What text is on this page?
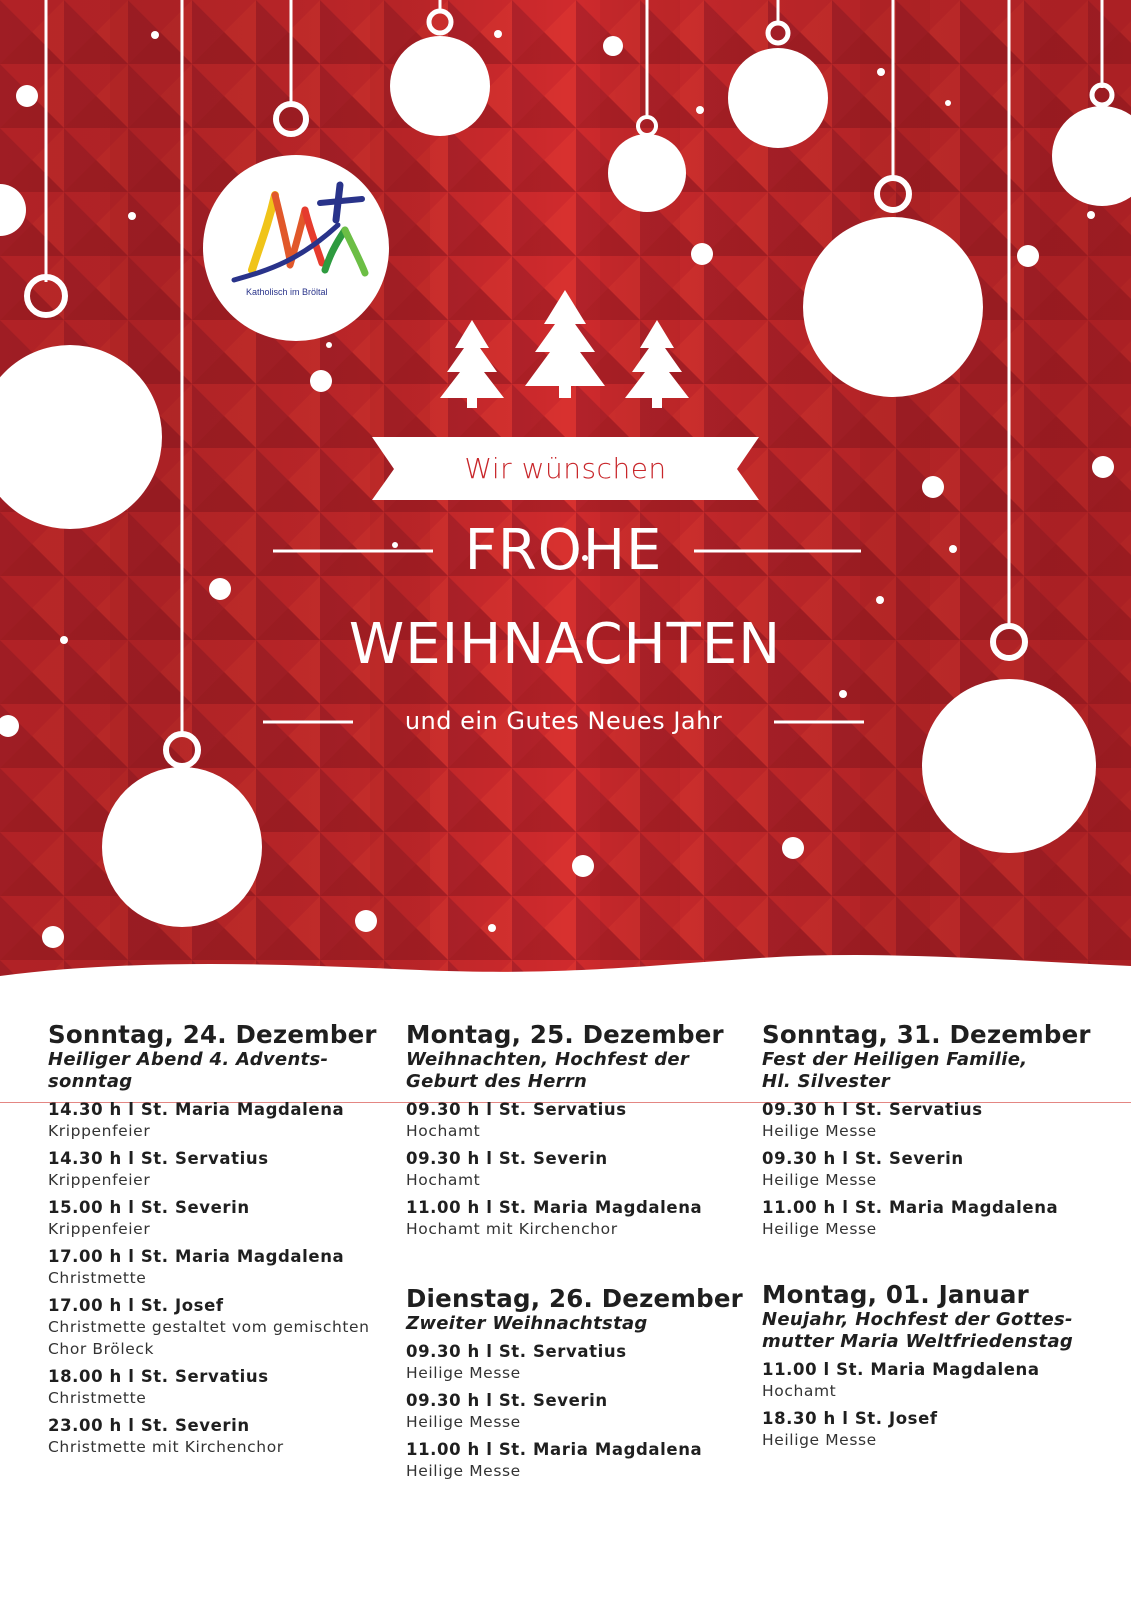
Katholisch im Bröltal
Wir wünschen
FROHE
WEIHNACHTEN
und ein Gutes Neues Jahr
Sonntag, 24. Dezember
Heiliger Abend 4. Advents-
sonntag
14.30 h l St. Maria Magdalena
Krippenfeier
14.30 h l St. Servatius
Krippenfeier
15.00 h l St. Severin
Krippenfeier
17.00 h l St. Maria Magdalena
Christmette
17.00 h l St. Josef
Christmette gestaltet vom gemischten
Chor Bröleck
18.00 h l St. Servatius
Christmette
23.00 h l St. Severin
Christmette mit Kirchenchor
Montag, 25. Dezember
Weihnachten, Hochfest der
Geburt des Herrn
09.30 h l St. Servatius
Hochamt
09.30 h l St. Severin
Hochamt
11.00 h l St. Maria Magdalena
Hochamt mit Kirchenchor
Dienstag, 26. Dezember
Zweiter Weihnachtstag
09.30 h l St. Servatius
Heilige Messe
09.30 h l St. Severin
Heilige Messe
11.00 h l St. Maria Magdalena
Heilige Messe
Sonntag, 31. Dezember
Fest der Heiligen Familie,
Hl. Silvester
09.30 h l St. Servatius
Heilige Messe
09.30 h l St. Severin
Heilige Messe
11.00 h l St. Maria Magdalena
Heilige Messe
Montag, 01. Januar
Neujahr, Hochfest der Gottes-
mutter Maria Weltfriedenstag
11.00 l St. Maria Magdalena
Hochamt
18.30 h l St. Josef
Heilige Messe
